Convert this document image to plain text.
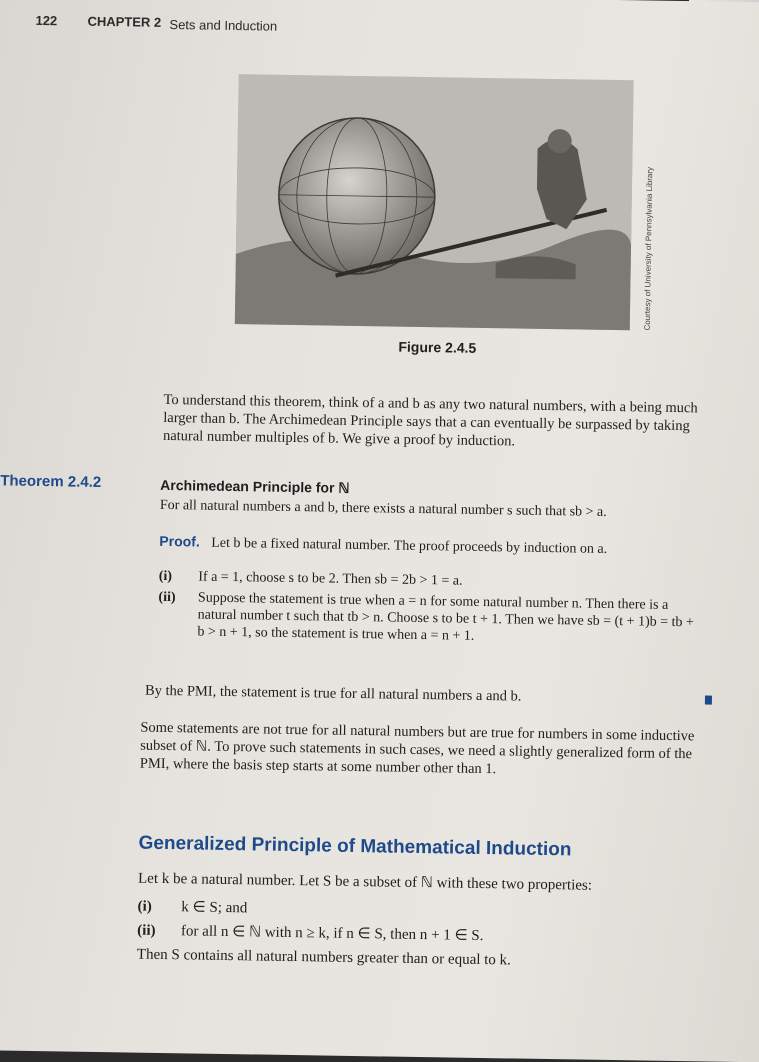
122 CHAPTER 2 Sets and Induction
Courtesy of University of Pennsylvania Library
Figure 2.4.5
To understand this theorem, think of a and b as any two natural numbers, with a being much larger than b. The Archimedean Principle says that a can eventually be surpassed by taking natural number multiples of b. We give a proof by induction.
Theorem 2.4.2	Archimedean Principle for ℕ
For all natural numbers a and b, there exists a natural number s such that sb > a.
Proof. Let b be a fixed natural number. The proof proceeds by induction on a.
(i) If a = 1, choose s to be 2. Then sb = 2b > 1 = a.
(ii) Suppose the statement is true when a = n for some natural number n. Then there is a natural number t such that tb > n. Choose s to be t + 1. Then we have sb = (t + 1)b = tb + b > n + 1, so the statement is true when a = n + 1.
By the PMI, the statement is true for all natural numbers a and b.
Some statements are not true for all natural numbers but are true for numbers in some inductive subset of ℕ. To prove such statements in such cases, we need a slightly generalized form of the PMI, where the basis step starts at some number other than 1.
Generalized Principle of Mathematical Induction
Let k be a natural number. Let S be a subset of ℕ with these two properties:
(i) k ∈ S; and
(ii) for all n ∈ ℕ with n ≥ k, if n ∈ S, then n + 1 ∈ S.
Then S contains all natural numbers greater than or equal to k.
